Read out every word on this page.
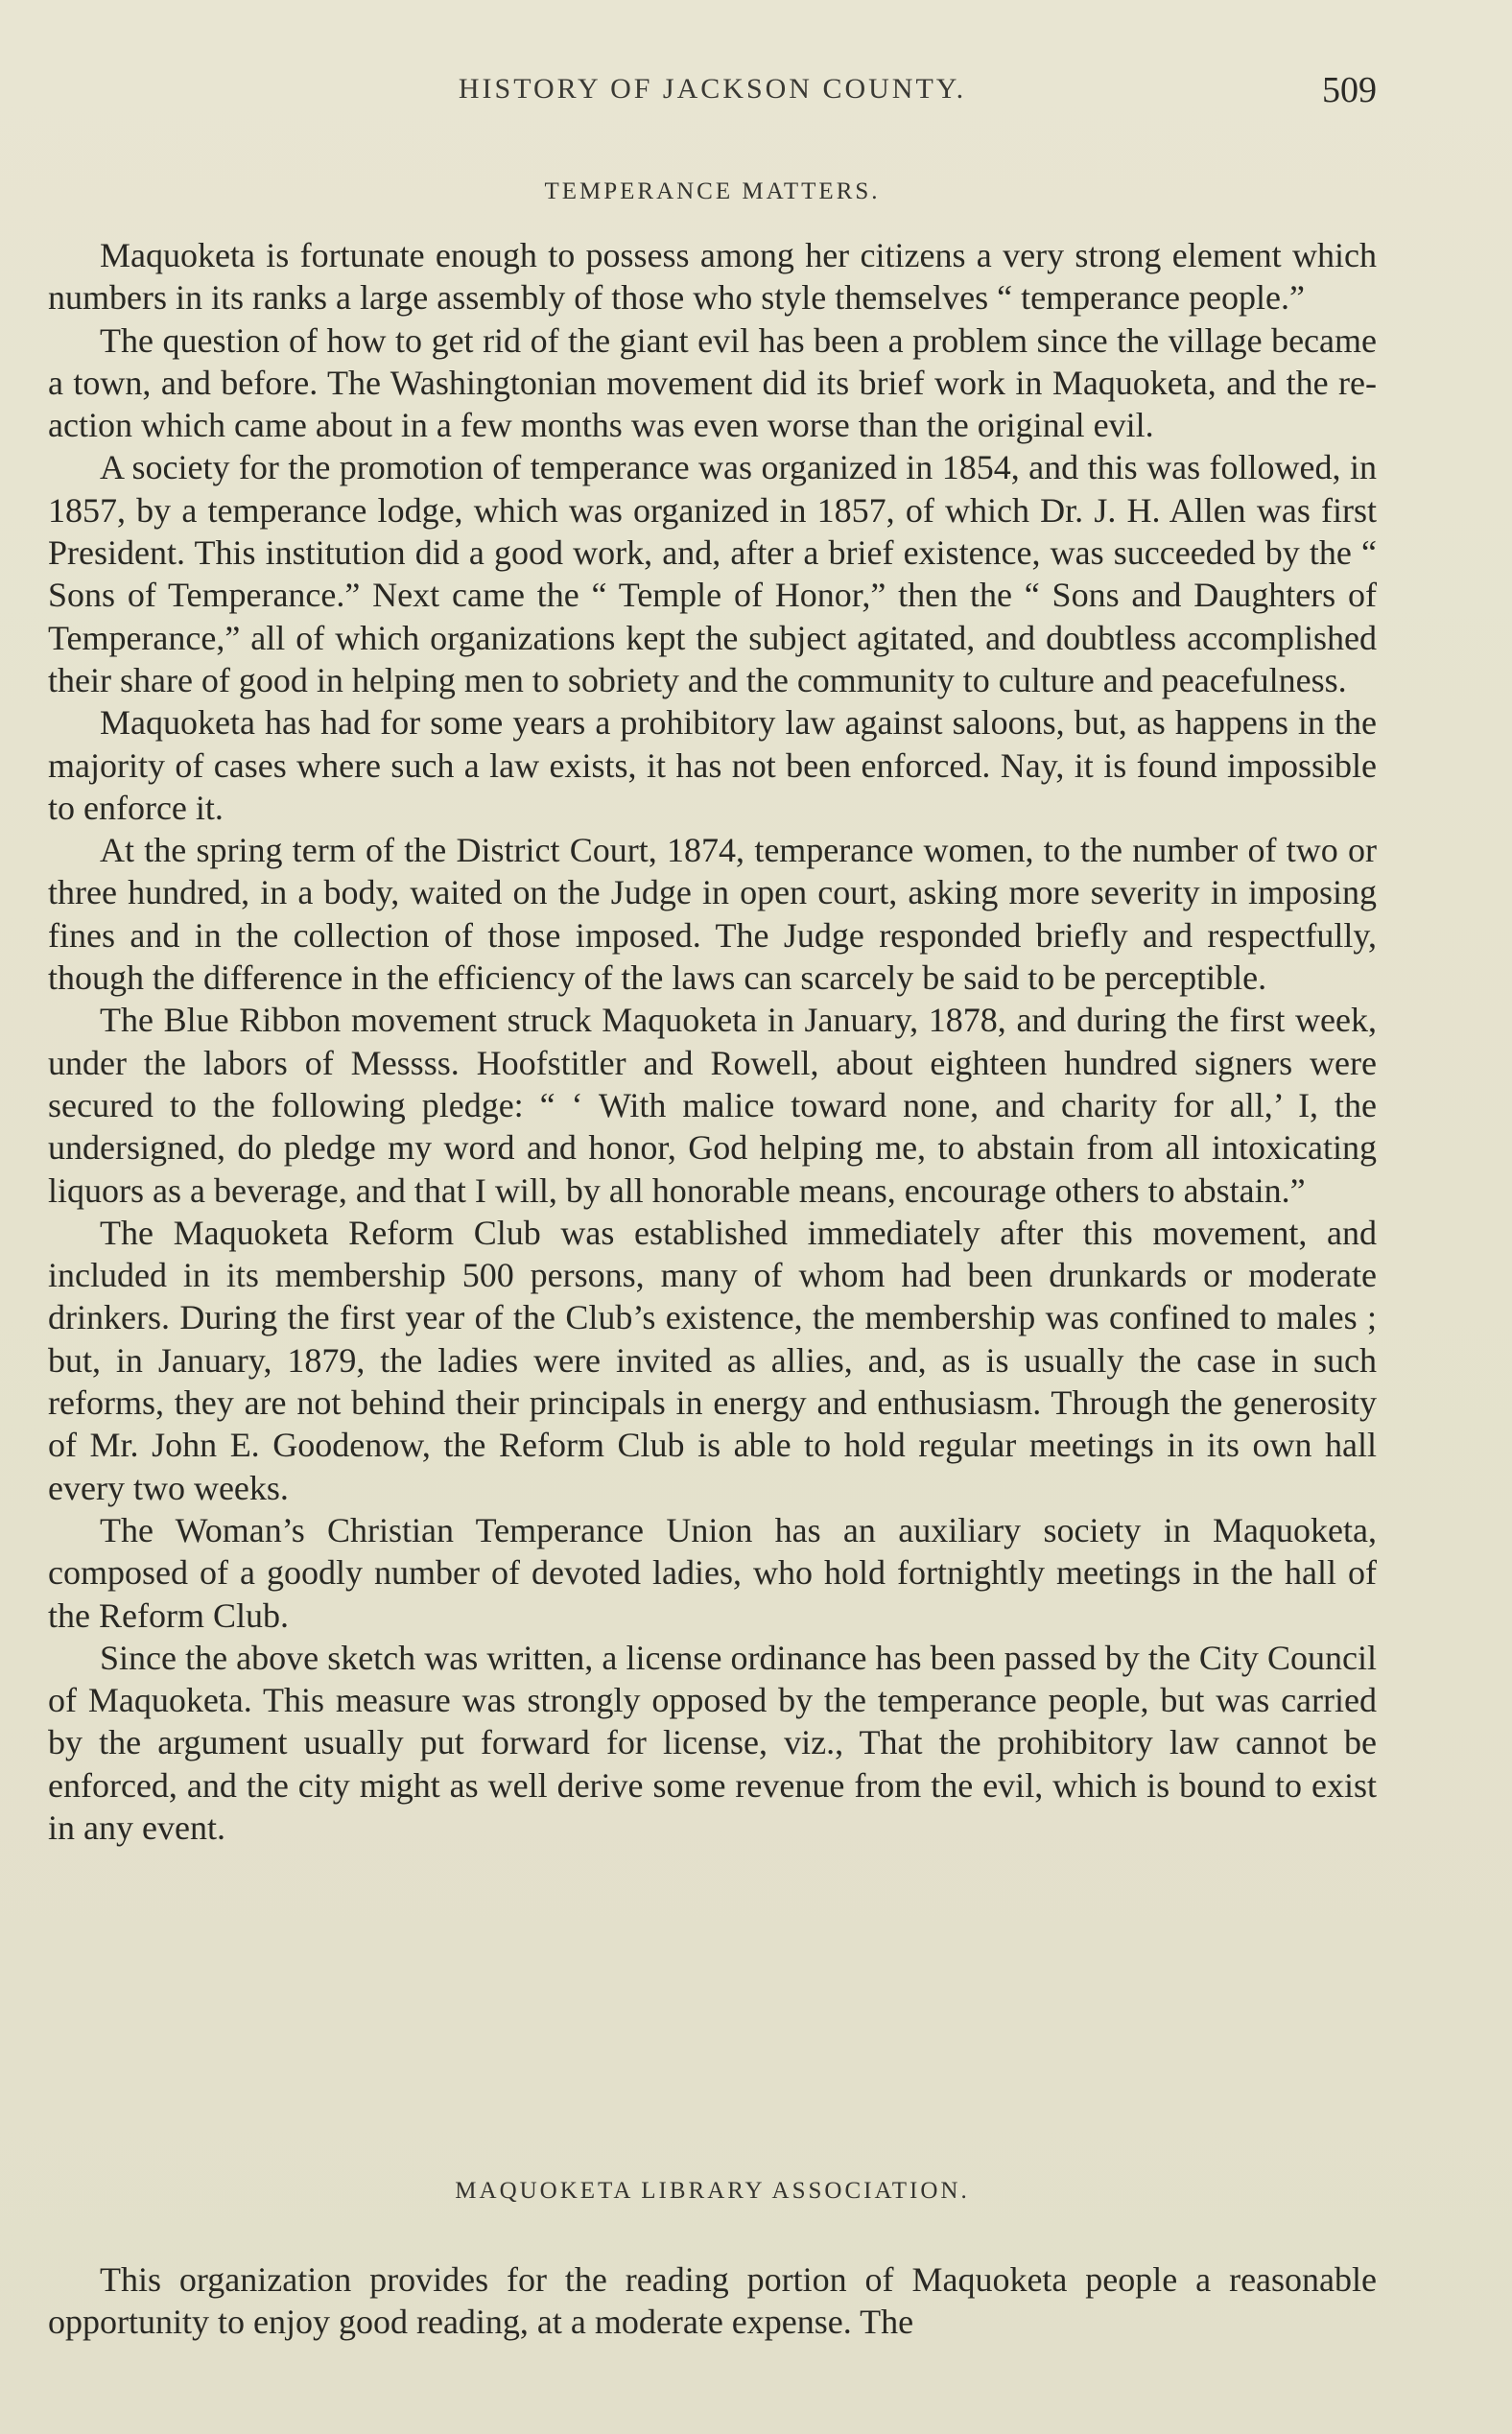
HISTORY OF JACKSON COUNTY.	509
TEMPERANCE MATTERS.

Maquoketa is fortunate enough to possess among her citizens a very strong element which numbers in its ranks a large assembly of those who style themselves “ temperance people.”

The question of how to get rid of the giant evil has been a problem since the village became a town, and before. The Washingtonian movement did its brief work in Maquoketa, and the re-action which came about in a few months was even worse than the original evil.

A society for the promotion of temperance was organized in 1854, and this was followed, in 1857, by a temperance lodge, which was organized in 1857, of which Dr. J. H. Allen was first President. This institution did a good work, and, after a brief existence, was succeeded by the “ Sons of Temperance.” Next came the “ Temple of Honor,” then the “ Sons and Daughters of Temperance,” all of which organizations kept the subject agitated, and doubtless accomplished their share of good in helping men to sobriety and the community to culture and peacefulness.

Maquoketa has had for some years a prohibitory law against saloons, but, as happens in the majority of cases where such a law exists, it has not been enforced. Nay, it is found impossible to enforce it.

At the spring term of the District Court, 1874, temperance women, to the number of two or three hundred, in a body, waited on the Judge in open court, asking more severity in imposing fines and in the collection of those imposed. The Judge responded briefly and respectfully, though the difference in the efficiency of the laws can scarcely be said to be perceptible.

The Blue Ribbon movement struck Maquoketa in January, 1878, and during the first week, under the labors of Messss. Hoofstitler and Rowell, about eighteen hundred signers were secured to the following pledge: “ ‘ With malice toward none, and charity for all,’ I, the undersigned, do pledge my word and honor, God helping me, to abstain from all intoxicating liquors as a beverage, and that I will, by all honorable means, encourage others to abstain.”

The Maquoketa Reform Club was established immediately after this movement, and included in its membership 500 persons, many of whom had been drunkards or moderate drinkers. During the first year of the Club’s existence, the membership was confined to males ; but, in January, 1879, the ladies were invited as allies, and, as is usually the case in such reforms, they are not behind their principals in energy and enthusiasm. Through the generosity of Mr. John E. Goodenow, the Reform Club is able to hold regular meetings in its own hall every two weeks.

The Woman’s Christian Temperance Union has an auxiliary society in Maquoketa, composed of a goodly number of devoted ladies, who hold fortnightly meetings in the hall of the Reform Club.

Since the above sketch was written, a license ordinance has been passed by the City Council of Maquoketa. This measure was strongly opposed by the temperance people, but was carried by the argument usually put forward for license, viz., That the prohibitory law cannot be enforced, and the city might as well derive some revenue from the evil, which is bound to exist in any event.

MAQUOKETA LIBRARY ASSOCIATION.

This organization provides for the reading portion of Maquoketa people a reasonable opportunity to enjoy good reading, at a moderate expense. The
